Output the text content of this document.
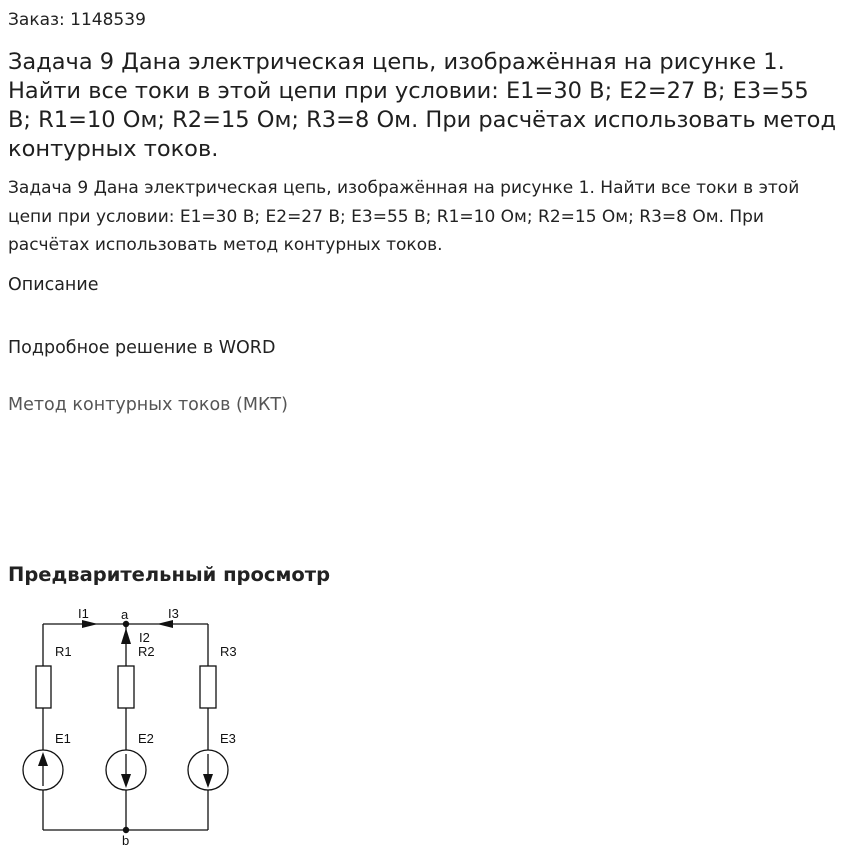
Заказ: 1148539
Задача 9 Дана электрическая цепь, изображённая на рисунке 1. Найти все токи в этой цепи при условии: E1=30 В; E2=27 В; E3=55 В; R1=10 Ом; R2=15 Ом; R3=8 Ом. При расчётах использовать метод контурных токов.
Задача 9 Дана электрическая цепь, изображённая на рисунке 1. Найти все токи в этой цепи при условии: E1=30 В; E2=27 В; E3=55 В; R1=10 Ом; R2=15 Ом; R3=8 Ом. При расчётах использовать метод контурных токов.
Описание
Подробное решение в WORD
Метод контурных токов (МКТ)
Предварительный просмотр
a
b
I1
I2
I3
R1	R2	R3
E1	E2	E3
